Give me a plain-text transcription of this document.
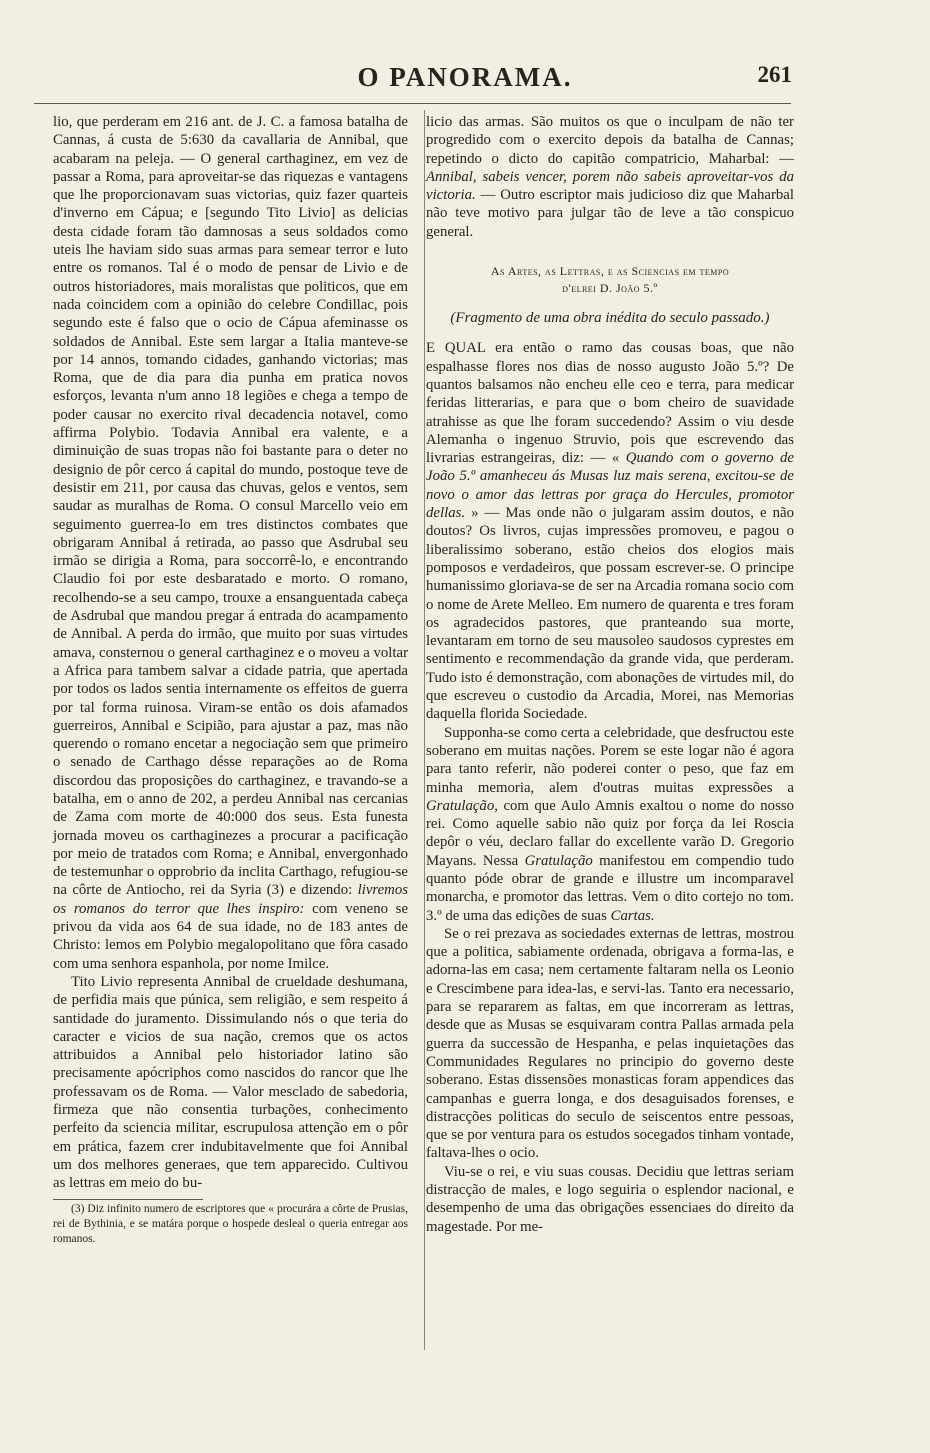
O PANORAMA.	261

lio, que perderam em 216 ant. de J. C. a famosa batalha de Cannas, á custa de 5:630 da cavallaria de Annibal, que acabaram na peleja. — O general carthaginez, em vez de passar a Roma, para aproveitar-se das riquezas e vantagens que lhe proporcionavam suas victorias, quiz fazer quarteis d'inverno em Cápua; e [segundo Tito Livio] as delicias desta cidade foram tão damnosas a seus soldados como uteis lhe haviam sido suas armas para semear terror e luto entre os romanos. Tal é o modo de pensar de Livio e de outros historiadores, mais moralistas que politicos, que em nada coincidem com a opinião do celebre Condillac, pois segundo este é falso que o ocio de Cápua afeminasse os soldados de Annibal. Este sem largar a Italia manteve-se por 14 annos, tomando cidades, ganhando victorias; mas Roma, que de dia para dia punha em pratica novos esforços, levanta n'um anno 18 legiões e chega a tempo de poder causar no exercito rival decadencia notavel, como affirma Polybio. Todavia Annibal era valente, e a diminuição de suas tropas não foi bastante para o deter no designio de pôr cerco á capital do mundo, postoque teve de desistir em 211, por causa das chuvas, gelos e ventos, sem saudar as muralhas de Roma. O consul Marcello veio em seguimento guerrea-lo em tres distinctos combates que obrigaram Annibal á retirada, ao passo que Asdrubal seu irmão se dirigia a Roma, para soccorrê-lo, e encontrando Claudio foi por este desbaratado e morto. O romano, recolhendo-se a seu campo, trouxe a ensanguentada cabeça de Asdrubal que mandou pregar á entrada do acampamento de Annibal. A perda do irmão, que muito por suas virtudes amava, consternou o general carthaginez e o moveu a voltar a Africa para tambem salvar a cidade patria, que apertada por todos os lados sentia internamente os effeitos de guerra por tal forma ruinosa. Viram-se então os dois afamados guerreiros, Annibal e Scipião, para ajustar a paz, mas não querendo o romano encetar a negociação sem que primeiro o senado de Carthago désse reparações ao de Roma discordou das proposições do carthaginez, e travando-se a batalha, em o anno de 202, a perdeu Annibal nas cercanias de Zama com morte de 40:000 dos seus. Esta funesta jornada moveu os carthaginezes a procurar a pacificação por meio de tratados com Roma; e Annibal, envergonhado de testemunhar o opprobrio da inclita Carthago, refugiou-se na côrte de Antiocho, rei da Syria (3) e dizendo: livremos os romanos do terror que lhes inspiro: com veneno se privou da vida aos 64 de sua idade, no de 183 antes de Christo: lemos em Polybio megalopolitano que fôra casado com uma senhora espanhola, por nome Imilce.

Tito Livio representa Annibal de crueldade deshumana, de perfidia mais que púnica, sem religião, e sem respeito á santidade do juramento. Dissimulando nós o que teria do caracter e vicios de sua nação, cremos que os actos attribuidos a Annibal pelo historiador latino são precisamente apócriphos como nascidos do rancor que lhe professavam os de Roma. — Valor mesclado de sabedoria, firmeza que não consentia turbações, conhecimento perfeito da sciencia militar, escrupulosa attenção em o pôr em prática, fazem crer indubitavelmente que foi Annibal um dos melhores generaes, que tem apparecido. Cultivou as lettras em meio do bu-

(3) Diz infinito numero de escriptores que « procurára a côrte de Prusias, rei de Bythinia, e se matára porque o hospede desleal o queria entregar aos romanos.

licio das armas. São muitos os que o inculpam de não ter progredido com o exercito depois da batalha de Cannas; repetindo o dicto do capitão compatricio, Maharbal: — Annibal, sabeis vencer, porem não sabeis aproveitar-vos da victoria. — Outro escriptor mais judicioso diz que Maharbal não teve motivo para julgar tão de leve a tão conspicuo general.

As Artes, as Lettras, e as Sciencias em tempo
d'elrei D. João 5.º
(Fragmento de uma obra inédita do seculo passado.)

E QUAL era então o ramo das cousas boas, que não espalhasse flores nos dias de nosso augusto João 5.º? De quantos balsamos não encheu elle ceo e terra, para medicar feridas litterarias, e para que o bom cheiro de suavidade atrahisse as que lhe foram succedendo? Assim o viu desde Alemanha o ingenuo Struvio, pois que escrevendo das livrarias estrangeiras, diz: — « Quando com o governo de João 5.º amanheceu ás Musas luz mais serena, excitou-se de novo o amor das lettras por graça do Hercules, promotor dellas. » — Mas onde não o julgaram assim doutos, e não doutos? Os livros, cujas impressões promoveu, e pagou o liberalissimo soberano, estão cheios dos elogios mais pomposos e verdadeiros, que possam escrever-se. O principe humanissimo gloriava-se de ser na Arcadia romana socio com o nome de Arete Melleo. Em numero de quarenta e tres foram os agradecidos pastores, que pranteando sua morte, levantaram em torno de seu mausoleo saudosos cyprestes em sentimento e recommendação da grande vida, que perderam. Tudo isto é demonstração, com abonações de virtudes mil, do que escreveu o custodio da Arcadia, Morei, nas Memorias daquella florida Sociedade.

Supponha-se como certa a celebridade, que desfructou este soberano em muitas nações. Porem se este logar não é agora para tanto referir, não poderei conter o peso, que faz em minha memoria, alem d'outras muitas expressões a Gratulação, com que Aulo Amnis exaltou o nome do nosso rei. Como aquelle sabio não quiz por força da lei Roscia depôr o véu, declaro fallar do excellente varão D. Gregorio Mayans. Nessa Gratulação manifestou em compendio tudo quanto póde obrar de grande e illustre um incomparavel monarcha, e promotor das lettras. Vem o dito cortejo no tom. 3.º de uma das edições de suas Cartas.

Se o rei prezava as sociedades externas de lettras, mostrou que a politica, sabiamente ordenada, obrigava a forma-las, e adorna-las em casa; nem certamente faltaram nella os Leonio e Crescimbene para idea-las, e servi-las. Tanto era necessario, para se repararem as faltas, em que incorreram as lettras, desde que as Musas se esquivaram contra Pallas armada pela guerra da successão de Hespanha, e pelas inquietações das Communidades Regulares no principio do governo deste soberano. Estas dissensões monasticas foram appendices das campanhas e guerra longa, e dos desaguisados forenses, e distracções politicas do seculo de seiscentos entre pessoas, que se por ventura para os estudos socegados tinham vontade, faltava-lhes o ocio.

Viu-se o rei, e viu suas cousas. Decidiu que lettras seriam distracção de males, e logo seguiria o esplendor nacional, e desempenho de uma das obrigações essenciaes do direito da magestade. Por me-
